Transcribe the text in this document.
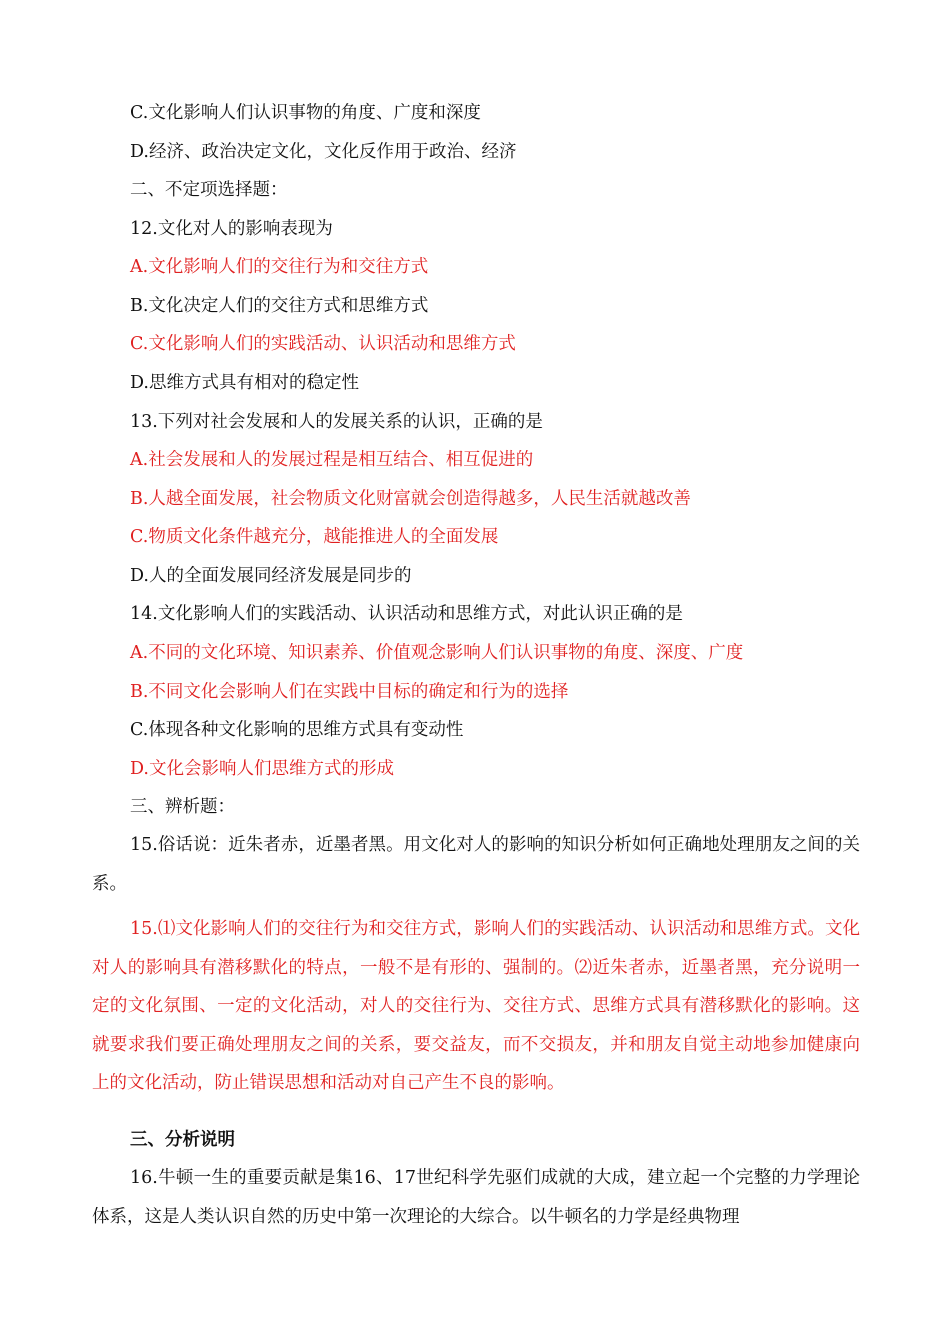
C.文化影响人们认识事物的角度、广度和深度
D.经济、政治决定文化，文化反作用于政治、经济
二、不定项选择题：
12.文化对人的影响表现为
A.文化影响人们的交往行为和交往方式
B.文化决定人们的交往方式和思维方式
C.文化影响人们的实践活动、认识活动和思维方式
D.思维方式具有相对的稳定性
13.下列对社会发展和人的发展关系的认识，正确的是
A.社会发展和人的发展过程是相互结合、相互促进的
B.人越全面发展，社会物质文化财富就会创造得越多，人民生活就越改善
C.物质文化条件越充分，越能推进人的全面发展
D.人的全面发展同经济发展是同步的
14.文化影响人们的实践活动、认识活动和思维方式，对此认识正确的是
A.不同的文化环境、知识素养、价值观念影响人们认识事物的角度、深度、广度
B.不同文化会影响人们在实践中目标的确定和行为的选择
C.体现各种文化影响的思维方式具有变动性
D.文化会影响人们思维方式的形成
三、辨析题：
15.俗话说：近朱者赤，近墨者黑。用文化对人的影响的知识分析如何正确地处理朋友之间的关系。
15.⑴文化影响人们的交往行为和交往方式，影响人们的实践活动、认识活动和思维方式。文化对人的影响具有潜移默化的特点，一般不是有形的、强制的。⑵近朱者赤，近墨者黑，充分说明一定的文化氛围、一定的文化活动，对人的交往行为、交往方式、思维方式具有潜移默化的影响。这就要求我们要正确处理朋友之间的关系，要交益友，而不交损友，并和朋友自觉主动地参加健康向上的文化活动，防止错误思想和活动对自己产生不良的影响。
三、分析说明
16.牛顿一生的重要贡献是集16、17世纪科学先驱们成就的大成，建立起一个完整的力学理论体系，这是人类认识自然的历史中第一次理论的大综合。以牛顿名的力学是经典物理
